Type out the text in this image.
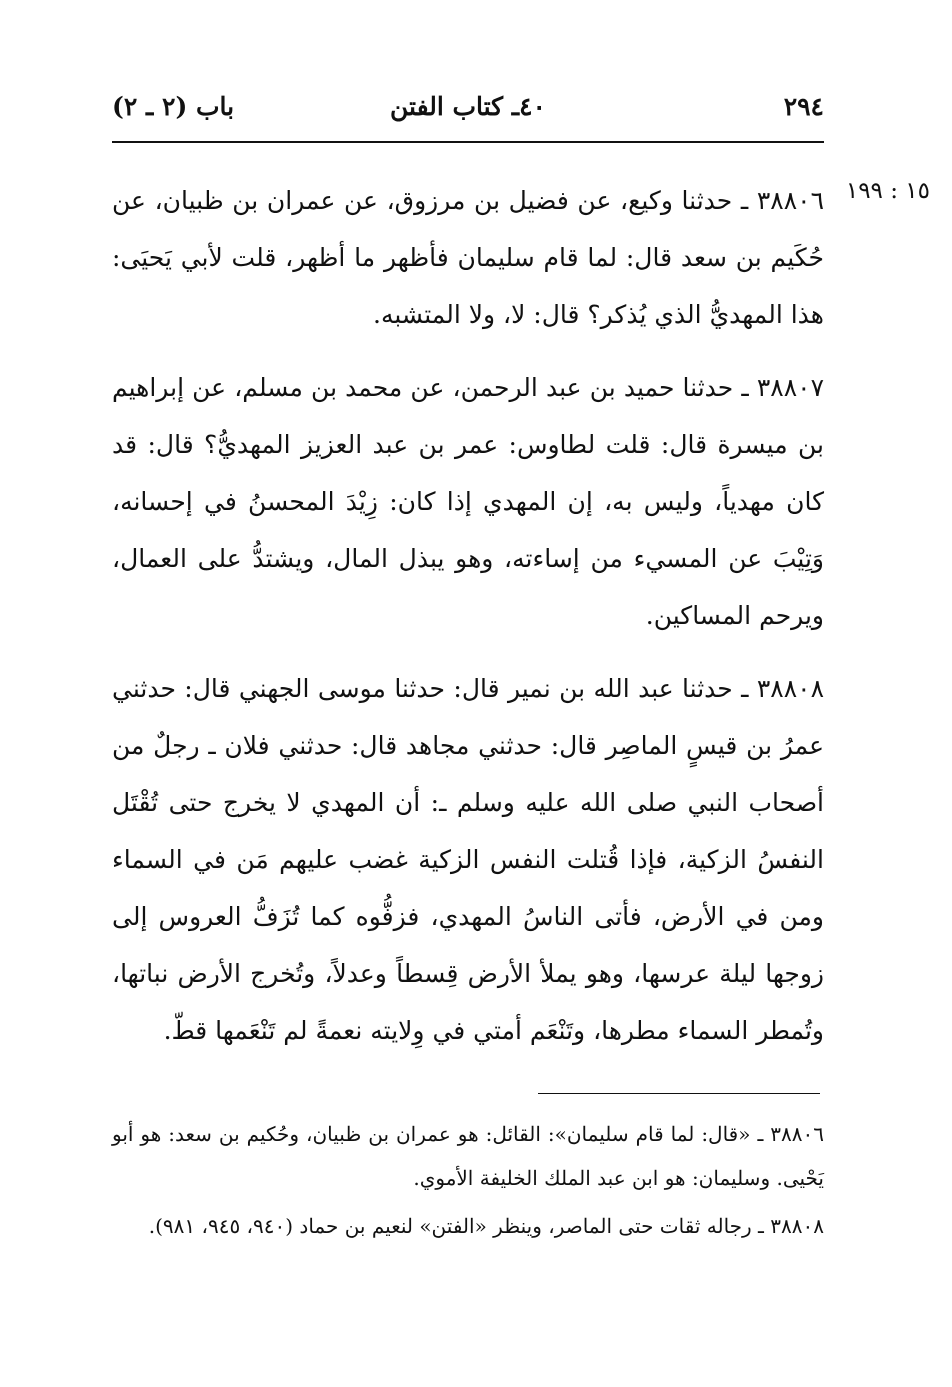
٢٩٤
٤٠ـ كتاب الفتن
باب (٢ ـ ٢)
١٥ : ١٩٩

٣٨٨٠٦ ـ حدثنا وكيع، عن فضيل بن مرزوق، عن عمران بن ظبيان، عن حُكَيم بن سعد قال: لما قام سليمان فأظهر ما أظهر، قلت لأبي يَحيَى: هذا المهديُّ الذي يُذكر؟ قال: لا، ولا المتشبه.

٣٨٨٠٧ ـ حدثنا حميد بن عبد الرحمن، عن محمد بن مسلم، عن إبراهيم بن ميسرة قال: قلت لطاوس: عمر بن عبد العزيز المهديُّ؟ قال: قد كان مهدياً، وليس به، إن المهدي إذا كان: زِيْدَ المحسنُ في إحسانه، وَتِيْبَ عن المسيء من إساءته، وهو يبذل المال، ويشتدُّ على العمال، ويرحم المساكين.

٣٨٨٠٨ ـ حدثنا عبد الله بن نمير قال: حدثنا موسى الجهني قال: حدثني عمرُ بن قيسٍ الماصِر قال: حدثني مجاهد قال: حدثني فلان ـ رجلٌ من أصحاب النبي صلى الله عليه وسلم ـ: أن المهدي لا يخرج حتى تُقْتَل النفسُ الزكية، فإذا قُتلت النفس الزكية غضب عليهم مَن في السماء ومن في الأرض، فأتى الناسُ المهدي، فزفُّوه كما تُزَفُّ العروس إلى زوجها ليلة عرسها، وهو يملأ الأرض قِسطاً وعدلاً، وتُخرج الأرض نباتها، وتُمطر السماء مطرها، وتَنْعَم أمتي في وِلايته نعمةً لم تَنْعَمها قطّ.

٣٨٨٠٦ ـ «قال: لما قام سليمان»: القائل: هو عمران بن ظبيان، وحُكيم بن سعد: هو أبو يَحْيى. وسليمان: هو ابن عبد الملك الخليفة الأموي.

٣٨٨٠٨ ـ رجاله ثقات حتى الماصر، وينظر «الفتن» لنعيم بن حماد (٩٤٠، ٩٤٥، ٩٨١).
